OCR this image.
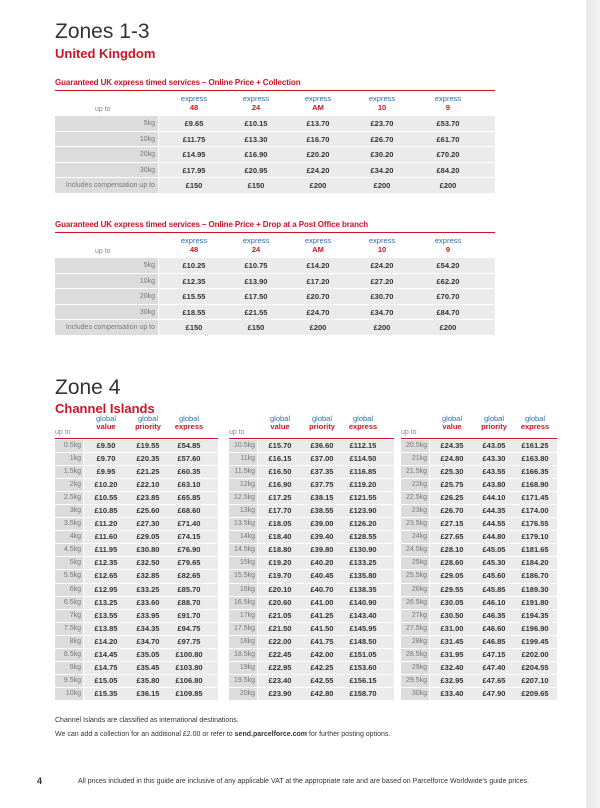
Zones 1-3
United Kingdom
Guaranteed UK express timed services – Online Price + Collection
up to
express
48
express
24
express
AM
express
10
express
9
5kg	£9.65	£10.15	£13.70	£23.70	£53.70
10kg	£11.75	£13.30	£16.70	£26.70	£61.70
20kg	£14.95	£16.90	£20.20	£30.20	£70.20
30kg	£17.95	£20.95	£24.20	£34.20	£84.20
Includes compensation up to	£150	£150	£200	£200	£200
Guaranteed UK express timed services – Online Price + Drop at a Post Office branch
up to
express
48
express
24
express
AM
express
10
express
9
5kg	£10.25	£10.75	£14.20	£24.20	£54.20
10kg	£12.35	£13.90	£17.20	£27.20	£62.20
20kg	£15.55	£17.50	£20.70	£30.70	£70.70
30kg	£18.55	£21.55	£24.70	£34.70	£84.70
Includes compensation up to	£150	£150	£200	£200	£200
Zone 4
Channel Islands
up to
global
value
global
priority
global
express
0.5kg	£9.50	£19.55	£54.85
1kg	£9.70	£20.35	£57.60
1.5kg	£9.95	£21.25	£60.35
2kg	£10.20	£22.10	£63.10
2.5kg	£10.55	£23.85	£65.85
3kg	£10.85	£25.60	£68.60
3.5kg	£11.20	£27.30	£71.40
4kg	£11.60	£29.05	£74.15
4.5kg	£11.95	£30.80	£76.90
5kg	£12.35	£32.50	£79.65
5.5kg	£12.65	£32.85	£82.65
6kg	£12.95	£33.25	£85.70
6.5kg	£13.25	£33.60	£88.70
7kg	£13.55	£33.95	£91.70
7.5kg	£13.85	£34.35	£94.75
8kg	£14.20	£34.70	£97.75
8.5kg	£14.45	£35.05	£100.80
9kg	£14.75	£35.45	£103.80
9.5kg	£15.05	£35.80	£106.80
10kg	£15.35	£36.15	£109.85
up to
global
value
global
priority
global
express
10.5kg	£15.70	£36.60	£112.15
11kg	£16.15	£37.00	£114.50
11.5kg	£16.50	£37.35	£116.85
12kg	£16.90	£37.75	£119.20
12.5kg	£17.25	£38.15	£121.55
13kg	£17.70	£38.55	£123.90
13.5kg	£18.05	£39.00	£126.20
14kg	£18.40	£39.40	£128.55
14.5kg	£18.80	£39.80	£130.90
15kg	£19.20	£40.20	£133.25
15.5kg	£19.70	£40.45	£135.80
16kg	£20.10	£40.70	£138.35
16.5kg	£20.60	£41.00	£140.90
17kg	£21.05	£41.25	£143.40
17.5kg	£21.50	£41.50	£145.95
18kg	£22.00	£41.75	£148.50
18.5kg	£22.45	£42.00	£151.05
19kg	£22.95	£42.25	£153.60
19.5kg	£23.40	£42.55	£156.15
20kg	£23.90	£42.80	£158.70
up to
global
value
global
priority
global
express
20.5kg	£24.35	£43.05	£161.25
21kg	£24.80	£43.30	£163.80
21.5kg	£25.30	£43.55	£166.35
22kg	£25.75	£43.80	£168.90
22.5kg	£26.25	£44.10	£171.45
23kg	£26.70	£44.35	£174.00
23.5kg	£27.15	£44.55	£176.55
24kg	£27.65	£44.80	£179.10
24.5kg	£28.10	£45.05	£181.65
25kg	£28.60	£45.30	£184.20
25.5kg	£29.05	£45.60	£186.70
26kg	£29.55	£45.85	£189.30
26.5kg	£30.05	£46.10	£191.80
27kg	£30.50	£46.35	£194.35
27.5kg	£31.00	£46.60	£196.90
28kg	£31.45	£46.85	£199.45
28.5kg	£31.95	£47.15	£202.00
29kg	£32.40	£47.40	£204.55
29.5kg	£32.95	£47.65	£207.10
30kg	£33.40	£47.90	£209.65
Channel Islands are classified as international destinations.
We can add a collection for an additional £2.00 or refer to send.parcelforce.com for further posting options.
4	All prices included in this guide are inclusive of any applicable VAT at the appropriate rate and are based on Parcelforce Worldwide's guide prices.
